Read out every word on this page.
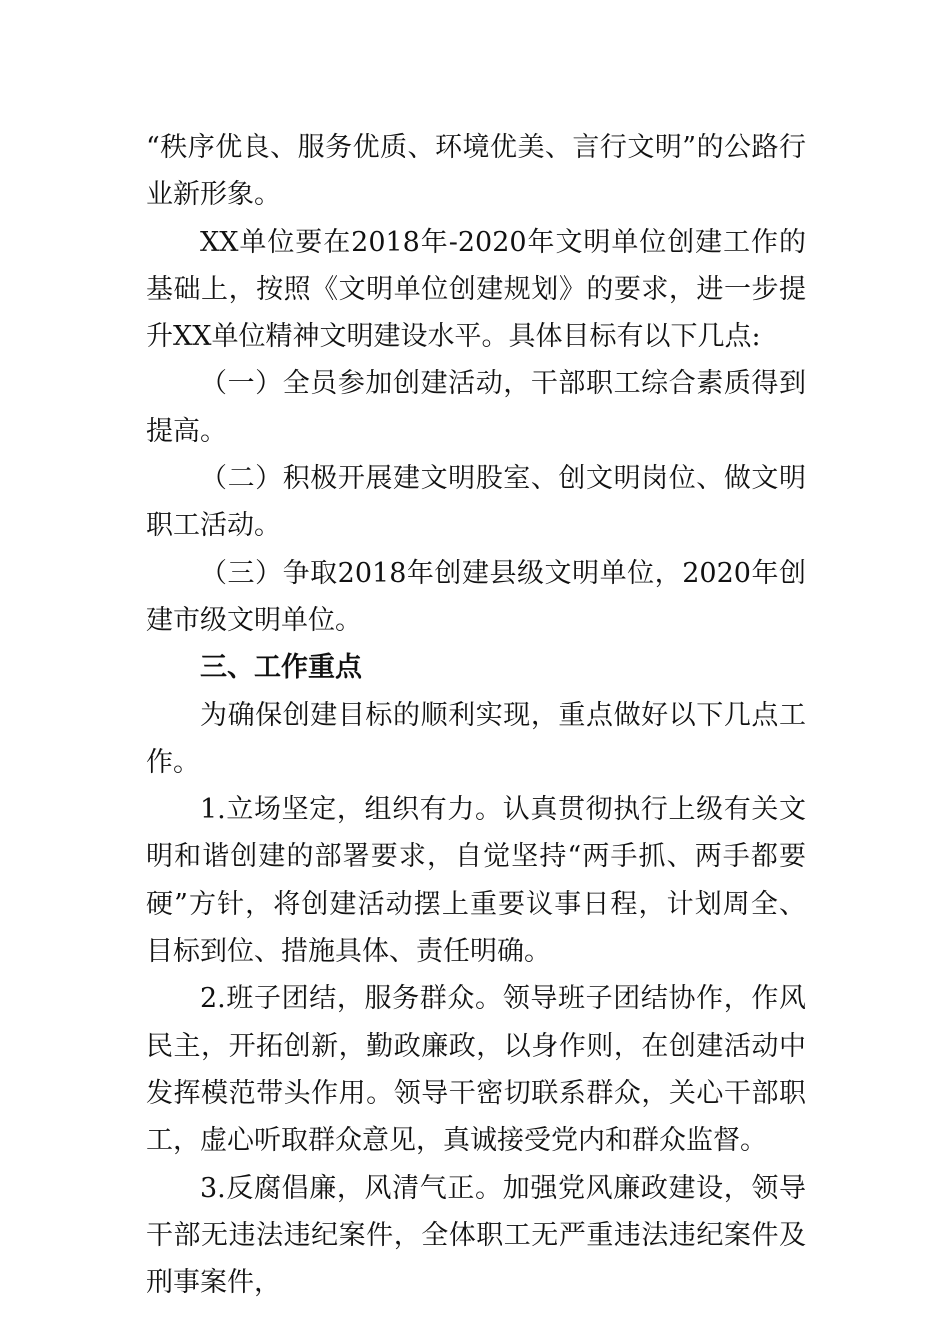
“秩序优良、服务优质、环境优美、言行文明”的公路行业新形象。

XX单位要在2018年-2020年文明单位创建工作的基础上，按照《文明单位创建规划》的要求，进一步提升XX单位精神文明建设水平。具体目标有以下几点:

（一）全员参加创建活动，干部职工综合素质得到提高。

（二）积极开展建文明股室、创文明岗位、做文明职工活动。

（三）争取2018年创建县级文明单位，2020年创建市级文明单位。

三、工作重点

为确保创建目标的顺利实现，重点做好以下几点工作。

1.立场坚定，组织有力。认真贯彻执行上级有关文明和谐创建的部署要求，自觉坚持“两手抓、两手都要硬”方针，将创建活动摆上重要议事日程，计划周全、目标到位、措施具体、责任明确。

2.班子团结，服务群众。领导班子团结协作，作风民主，开拓创新，勤政廉政，以身作则，在创建活动中发挥模范带头作用。领导干密切联系群众，关心干部职工，虚心听取群众意见，真诚接受党内和群众监督。

3.反腐倡廉，风清气正。加强党风廉政建设，领导干部无违法违纪案件，全体职工无严重违法违纪案件及刑事案件，
